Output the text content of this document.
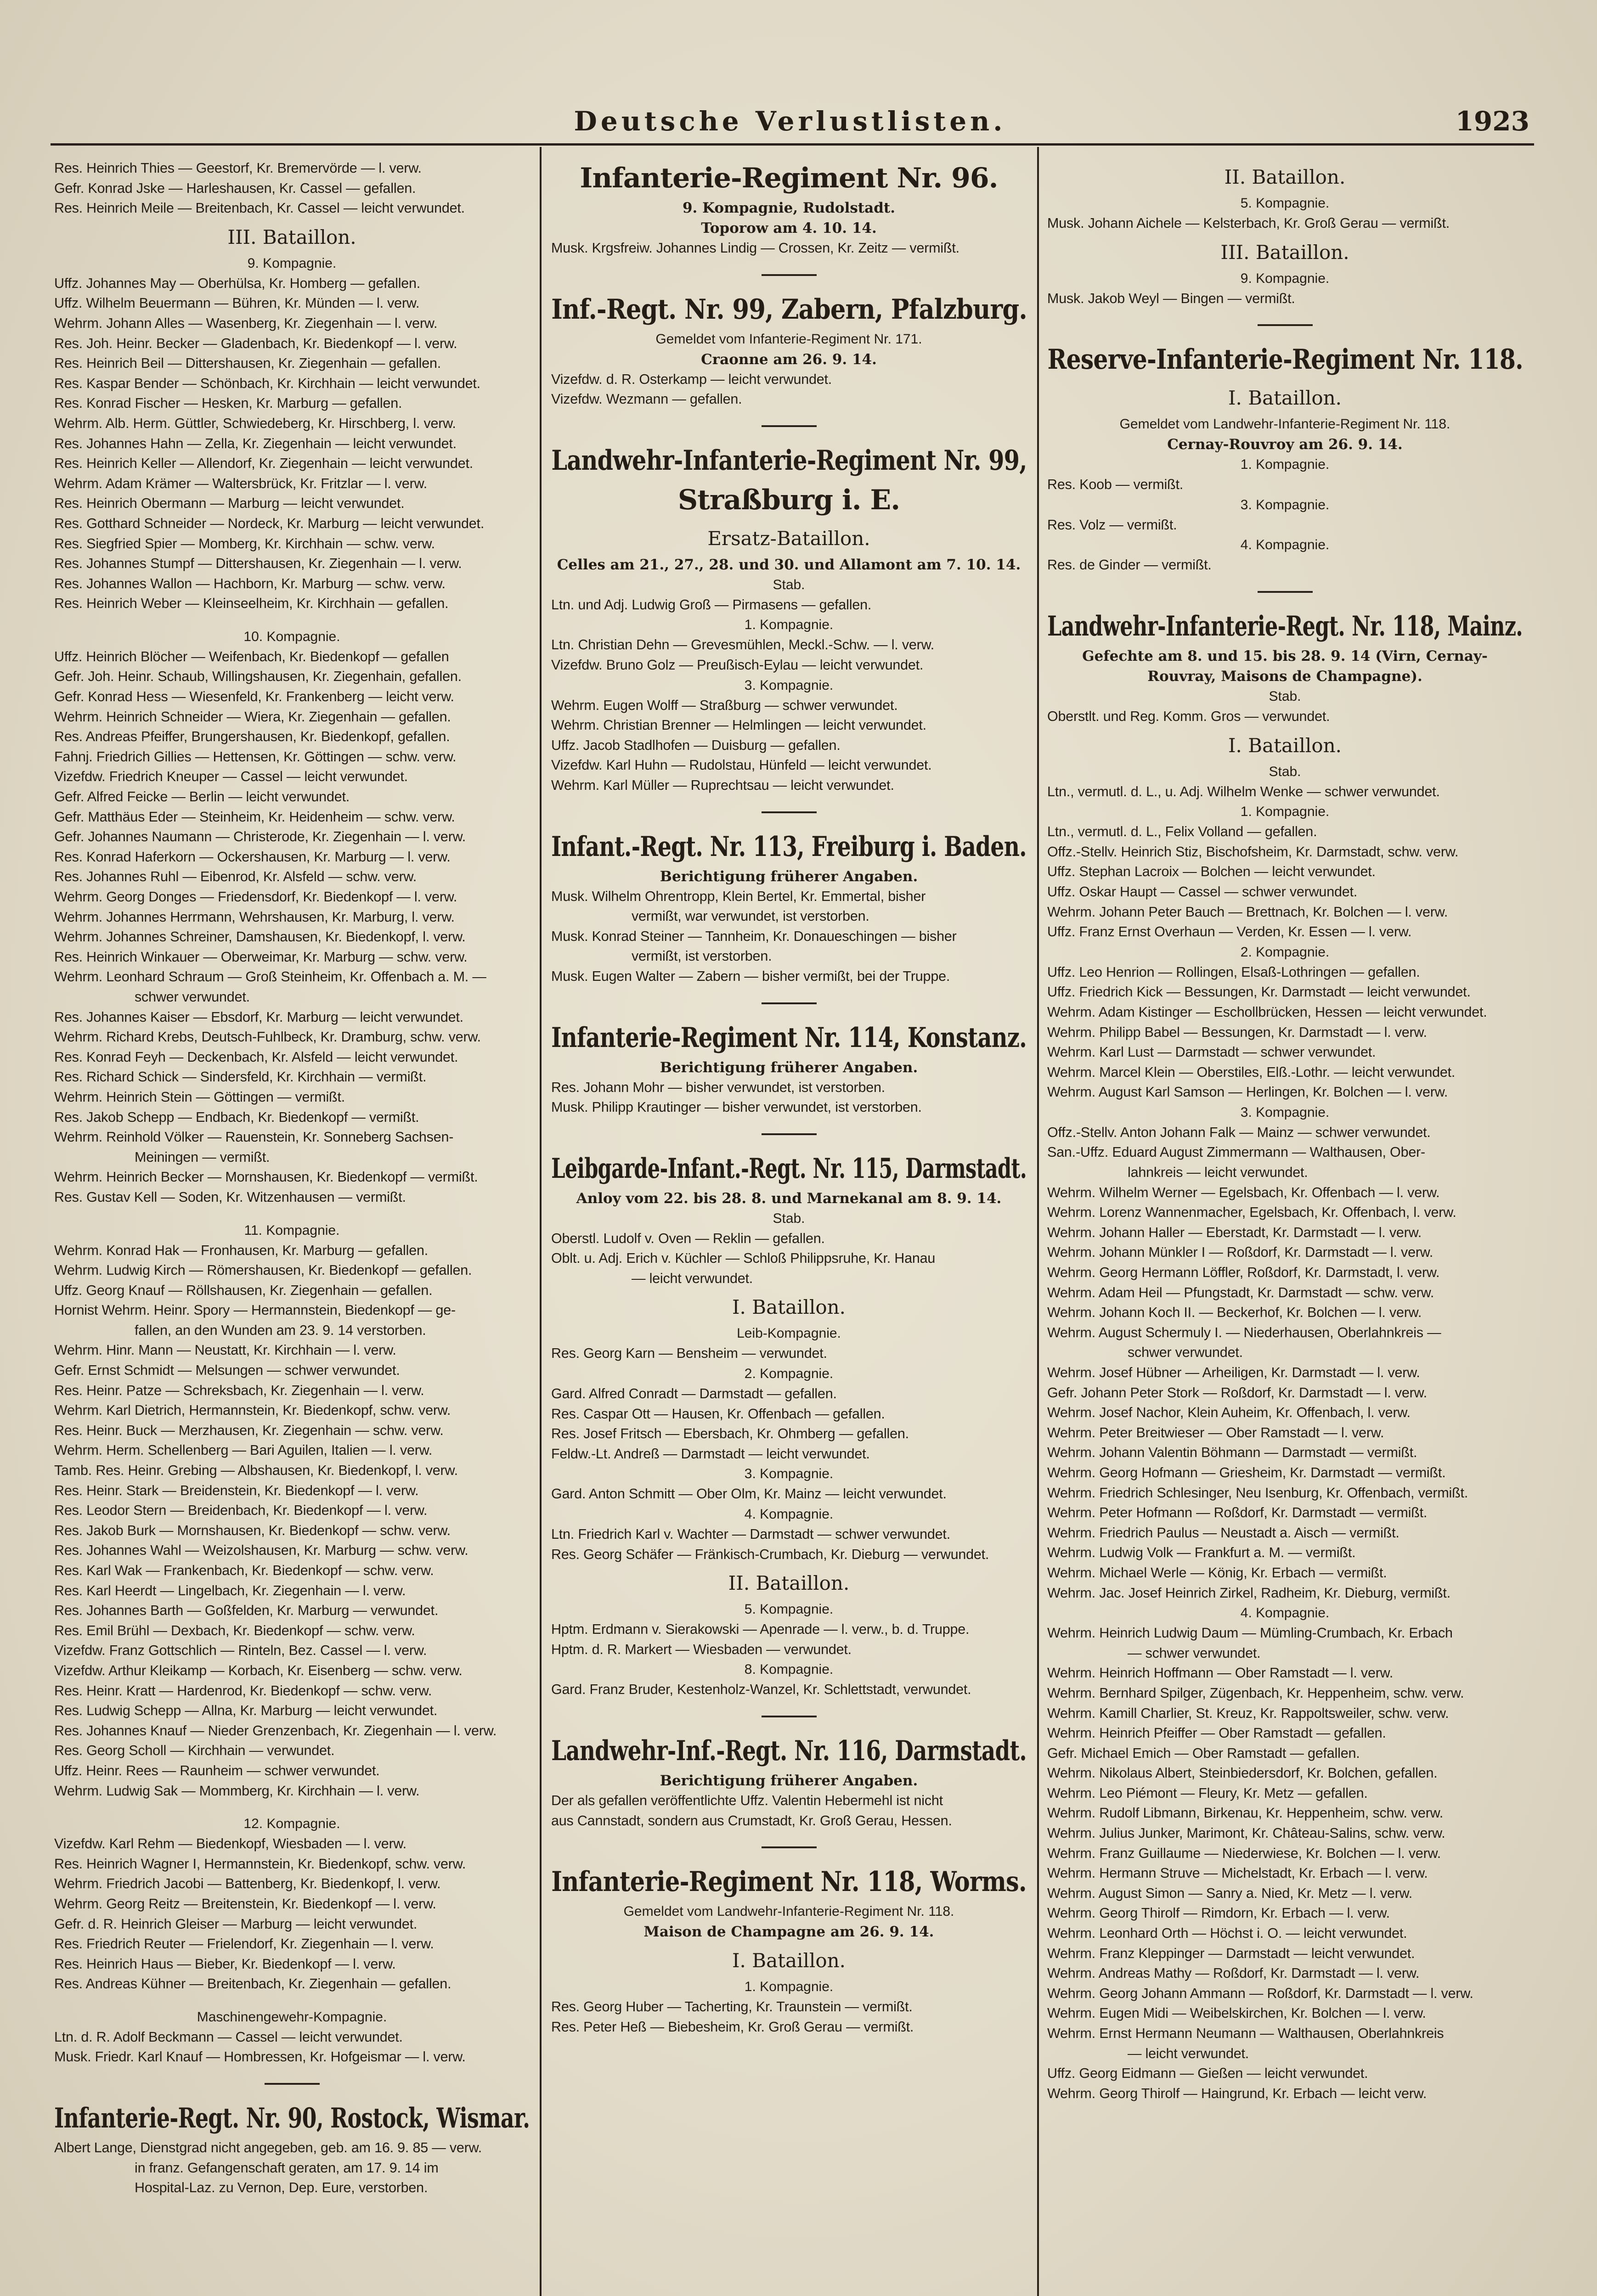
Deutsche Verlustlisten.	1923
Res. Heinrich Thies — Geestorf, Kr. Bremervörde — l. verw.
Gefr. Konrad Jske — Harleshausen, Kr. Cassel — gefallen.
Res. Heinrich Meile — Breitenbach, Kr. Cassel — leicht verwundet.
III. Bataillon.
9. Kompagnie.
Uffz. Johannes May — Oberhülsa, Kr. Homberg — gefallen.
Uffz. Wilhelm Beuermann — Bühren, Kr. Münden — l. verw.
Wehrm. Johann Alles — Wasenberg, Kr. Ziegenhain — l. verw.
Res. Joh. Heinr. Becker — Gladenbach, Kr. Biedenkopf — l. verw.
Res. Heinrich Beil — Dittershausen, Kr. Ziegenhain — gefallen.
Res. Kaspar Bender — Schönbach, Kr. Kirchhain — leicht verwundet.
Res. Konrad Fischer — Hesken, Kr. Marburg — gefallen.
Wehrm. Alb. Herm. Güttler, Schwiedeberg, Kr. Hirschberg, l. verw.
Res. Johannes Hahn — Zella, Kr. Ziegenhain — leicht verwundet.
Res. Heinrich Keller — Allendorf, Kr. Ziegenhain — leicht verwundet.
Wehrm. Adam Krämer — Waltersbrück, Kr. Fritzlar — l. verw.
Res. Heinrich Obermann — Marburg — leicht verwundet.
Res. Gotthard Schneider — Nordeck, Kr. Marburg — leicht verwundet.
Res. Siegfried Spier — Momberg, Kr. Kirchhain — schw. verw.
Res. Johannes Stumpf — Dittershausen, Kr. Ziegenhain — l. verw.
Res. Johannes Wallon — Hachborn, Kr. Marburg — schw. verw.
Res. Heinrich Weber — Kleinseelheim, Kr. Kirchhain — gefallen.
10. Kompagnie.
Uffz. Heinrich Blöcher — Weifenbach, Kr. Biedenkopf — gefallen
Gefr. Joh. Heinr. Schaub, Willingshausen, Kr. Ziegenhain, gefallen.
Gefr. Konrad Hess — Wiesenfeld, Kr. Frankenberg — leicht verw.
Wehrm. Heinrich Schneider — Wiera, Kr. Ziegenhain — gefallen.
Res. Andreas Pfeiffer, Brungershausen, Kr. Biedenkopf, gefallen.
Fahnj. Friedrich Gillies — Hettensen, Kr. Göttingen — schw. verw.
Vizefdw. Friedrich Kneuper — Cassel — leicht verwundet.
Gefr. Alfred Feicke — Berlin — leicht verwundet.
Gefr. Matthäus Eder — Steinheim, Kr. Heidenheim — schw. verw.
Gefr. Johannes Naumann — Christerode, Kr. Ziegenhain — l. verw.
Res. Konrad Haferkorn — Ockershausen, Kr. Marburg — l. verw.
Res. Johannes Ruhl — Eibenrod, Kr. Alsfeld — schw. verw.
Wehrm. Georg Donges — Friedensdorf, Kr. Biedenkopf — l. verw.
Wehrm. Johannes Herrmann, Wehrshausen, Kr. Marburg, l. verw.
Wehrm. Johannes Schreiner, Damshausen, Kr. Biedenkopf, l. verw.
Res. Heinrich Winkauer — Oberweimar, Kr. Marburg — schw. verw.
Wehrm. Leonhard Schraum — Groß Steinheim, Kr. Offenbach a. M. —
schwer verwundet.
Res. Johannes Kaiser — Ebsdorf, Kr. Marburg — leicht verwundet.
Wehrm. Richard Krebs, Deutsch-Fuhlbeck, Kr. Dramburg, schw. verw.
Res. Konrad Feyh — Deckenbach, Kr. Alsfeld — leicht verwundet.
Res. Richard Schick — Sindersfeld, Kr. Kirchhain — vermißt.
Wehrm. Heinrich Stein — Göttingen — vermißt.
Res. Jakob Schepp — Endbach, Kr. Biedenkopf — vermißt.
Wehrm. Reinhold Völker — Rauenstein, Kr. Sonneberg Sachsen-
Meiningen — vermißt.
Wehrm. Heinrich Becker — Mornshausen, Kr. Biedenkopf — vermißt.
Res. Gustav Kell — Soden, Kr. Witzenhausen — vermißt.
11. Kompagnie.
Wehrm. Konrad Hak — Fronhausen, Kr. Marburg — gefallen.
Wehrm. Ludwig Kirch — Römershausen, Kr. Biedenkopf — gefallen.
Uffz. Georg Knauf — Röllshausen, Kr. Ziegenhain — gefallen.
Hornist Wehrm. Heinr. Spory — Hermannstein, Biedenkopf — ge-
fallen, an den Wunden am 23. 9. 14 verstorben.
Wehrm. Hinr. Mann — Neustatt, Kr. Kirchhain — l. verw.
Gefr. Ernst Schmidt — Melsungen — schwer verwundet.
Res. Heinr. Patze — Schreksbach, Kr. Ziegenhain — l. verw.
Wehrm. Karl Dietrich, Hermannstein, Kr. Biedenkopf, schw. verw.
Res. Heinr. Buck — Merzhausen, Kr. Ziegenhain — schw. verw.
Wehrm. Herm. Schellenberg — Bari Aguilen, Italien — l. verw.
Tamb. Res. Heinr. Grebing — Albshausen, Kr. Biedenkopf, l. verw.
Res. Heinr. Stark — Breidenstein, Kr. Biedenkopf — l. verw.
Res. Leodor Stern — Breidenbach, Kr. Biedenkopf — l. verw.
Res. Jakob Burk — Mornshausen, Kr. Biedenkopf — schw. verw.
Res. Johannes Wahl — Weizolshausen, Kr. Marburg — schw. verw.
Res. Karl Wak — Frankenbach, Kr. Biedenkopf — schw. verw.
Res. Karl Heerdt — Lingelbach, Kr. Ziegenhain — l. verw.
Res. Johannes Barth — Goßfelden, Kr. Marburg — verwundet.
Res. Emil Brühl — Dexbach, Kr. Biedenkopf — schw. verw.
Vizefdw. Franz Gottschlich — Rinteln, Bez. Cassel — l. verw.
Vizefdw. Arthur Kleikamp — Korbach, Kr. Eisenberg — schw. verw.
Res. Heinr. Kratt — Hardenrod, Kr. Biedenkopf — schw. verw.
Res. Ludwig Schepp — Allna, Kr. Marburg — leicht verwundet.
Res. Johannes Knauf — Nieder Grenzenbach, Kr. Ziegenhain — l. verw.
Res. Georg Scholl — Kirchhain — verwundet.
Uffz. Heinr. Rees — Raunheim — schwer verwundet.
Wehrm. Ludwig Sak — Mommberg, Kr. Kirchhain — l. verw.
12. Kompagnie.
Vizefdw. Karl Rehm — Biedenkopf, Wiesbaden — l. verw.
Res. Heinrich Wagner I, Hermannstein, Kr. Biedenkopf, schw. verw.
Wehrm. Friedrich Jacobi — Battenberg, Kr. Biedenkopf, l. verw.
Wehrm. Georg Reitz — Breitenstein, Kr. Biedenkopf — l. verw.
Gefr. d. R. Heinrich Gleiser — Marburg — leicht verwundet.
Res. Friedrich Reuter — Frielendorf, Kr. Ziegenhain — l. verw.
Res. Heinrich Haus — Bieber, Kr. Biedenkopf — l. verw.
Res. Andreas Kühner — Breitenbach, Kr. Ziegenhain — gefallen.
Maschinengewehr-Kompagnie.
Ltn. d. R. Adolf Beckmann — Cassel — leicht verwundet.
Musk. Friedr. Karl Knauf — Hombressen, Kr. Hofgeismar — l. verw.
Infanterie-Regt. Nr. 90, Rostock, Wismar.
Albert Lange, Dienstgrad nicht angegeben, geb. am 16. 9. 85 — verw.
in franz. Gefangenschaft geraten, am 17. 9. 14 im
Hospital-Laz. zu Vernon, Dep. Eure, verstorben.
Infanterie-Regiment Nr. 96.
9. Kompagnie, Rudolstadt.
Toporow am 4. 10. 14.
Musk. Krgsfreiw. Johannes Lindig — Crossen, Kr. Zeitz — vermißt.
Inf.-Regt. Nr. 99, Zabern, Pfalzburg.
Gemeldet vom Infanterie-Regiment Nr. 171.
Craonne am 26. 9. 14.
Vizefdw. d. R. Osterkamp — leicht verwundet.
Vizefdw. Wezmann — gefallen.
Landwehr-Infanterie-Regiment Nr. 99,
Straßburg i. E.
Ersatz-Bataillon.
Celles am 21., 27., 28. und 30. und Allamont am 7. 10. 14.
Stab.
Ltn. und Adj. Ludwig Groß — Pirmasens — gefallen.
1. Kompagnie.
Ltn. Christian Dehn — Grevesmühlen, Meckl.-Schw. — l. verw.
Vizefdw. Bruno Golz — Preußisch-Eylau — leicht verwundet.
3. Kompagnie.
Wehrm. Eugen Wolff — Straßburg — schwer verwundet.
Wehrm. Christian Brenner — Helmlingen — leicht verwundet.
Uffz. Jacob Stadlhofen — Duisburg — gefallen.
Vizefdw. Karl Huhn — Rudolstau, Hünfeld — leicht verwundet.
Wehrm. Karl Müller — Ruprechtsau — leicht verwundet.
Infant.-Regt. Nr. 113, Freiburg i. Baden.
Berichtigung früherer Angaben.
Musk. Wilhelm Ohrentropp, Klein Bertel, Kr. Emmertal, bisher
vermißt, war verwundet, ist verstorben.
Musk. Konrad Steiner — Tannheim, Kr. Donaueschingen — bisher
vermißt, ist verstorben.
Musk. Eugen Walter — Zabern — bisher vermißt, bei der Truppe.
Infanterie-Regiment Nr. 114, Konstanz.
Berichtigung früherer Angaben.
Res. Johann Mohr — bisher verwundet, ist verstorben.
Musk. Philipp Krautinger — bisher verwundet, ist verstorben.
Leibgarde-Infant.-Regt. Nr. 115, Darmstadt.
Anloy vom 22. bis 28. 8. und Marnekanal am 8. 9. 14.
Stab.
Oberstl. Ludolf v. Oven — Reklin — gefallen.
Oblt. u. Adj. Erich v. Küchler — Schloß Philippsruhe, Kr. Hanau
— leicht verwundet.
I. Bataillon.
Leib-Kompagnie.
Res. Georg Karn — Bensheim — verwundet.
2. Kompagnie.
Gard. Alfred Conradt — Darmstadt — gefallen.
Res. Caspar Ott — Hausen, Kr. Offenbach — gefallen.
Res. Josef Fritsch — Ebersbach, Kr. Ohmberg — gefallen.
Feldw.-Lt. Andreß — Darmstadt — leicht verwundet.
3. Kompagnie.
Gard. Anton Schmitt — Ober Olm, Kr. Mainz — leicht verwundet.
4. Kompagnie.
Ltn. Friedrich Karl v. Wachter — Darmstadt — schwer verwundet.
Res. Georg Schäfer — Fränkisch-Crumbach, Kr. Dieburg — verwundet.
II. Bataillon.
5. Kompagnie.
Hptm. Erdmann v. Sierakowski — Apenrade — l. verw., b. d. Truppe.
Hptm. d. R. Markert — Wiesbaden — verwundet.
8. Kompagnie.
Gard. Franz Bruder, Kestenholz-Wanzel, Kr. Schlettstadt, verwundet.
Landwehr-Inf.-Regt. Nr. 116, Darmstadt.
Berichtigung früherer Angaben.
Der als gefallen veröffentlichte Uffz. Valentin Hebermehl ist nicht
aus Cannstadt, sondern aus Crumstadt, Kr. Groß Gerau, Hessen.
Infanterie-Regiment Nr. 118, Worms.
Gemeldet vom Landwehr-Infanterie-Regiment Nr. 118.
Maison de Champagne am 26. 9. 14.
I. Bataillon.
1. Kompagnie.
Res. Georg Huber — Tacherting, Kr. Traunstein — vermißt.
Res. Peter Heß — Biebesheim, Kr. Groß Gerau — vermißt.
II. Bataillon.
5. Kompagnie.
Musk. Johann Aichele — Kelsterbach, Kr. Groß Gerau — vermißt.
III. Bataillon.
9. Kompagnie.
Musk. Jakob Weyl — Bingen — vermißt.
Reserve-Infanterie-Regiment Nr. 118.
I. Bataillon.
Gemeldet vom Landwehr-Infanterie-Regiment Nr. 118.
Cernay-Rouvroy am 26. 9. 14.
1. Kompagnie.
Res. Koob — vermißt.
3. Kompagnie.
Res. Volz — vermißt.
4. Kompagnie.
Res. de Ginder — vermißt.
Landwehr-Infanterie-Regt. Nr. 118, Mainz.
Gefechte am 8. und 15. bis 28. 9. 14 (Virn, Cernay-
Rouvray, Maisons de Champagne).
Stab.
Oberstlt. und Reg. Komm. Gros — verwundet.
I. Bataillon.
Stab.
Ltn., vermutl. d. L., u. Adj. Wilhelm Wenke — schwer verwundet.
1. Kompagnie.
Ltn., vermutl. d. L., Felix Volland — gefallen.
Offz.-Stellv. Heinrich Stiz, Bischofsheim, Kr. Darmstadt, schw. verw.
Uffz. Stephan Lacroix — Bolchen — leicht verwundet.
Uffz. Oskar Haupt — Cassel — schwer verwundet.
Wehrm. Johann Peter Bauch — Brettnach, Kr. Bolchen — l. verw.
Uffz. Franz Ernst Overhaun — Verden, Kr. Essen — l. verw.
2. Kompagnie.
Uffz. Leo Henrion — Rollingen, Elsaß-Lothringen — gefallen.
Uffz. Friedrich Kick — Bessungen, Kr. Darmstadt — leicht verwundet.
Wehrm. Adam Kistinger — Eschollbrücken, Hessen — leicht verwundet.
Wehrm. Philipp Babel — Bessungen, Kr. Darmstadt — l. verw.
Wehrm. Karl Lust — Darmstadt — schwer verwundet.
Wehrm. Marcel Klein — Oberstiles, Elß.-Lothr. — leicht verwundet.
Wehrm. August Karl Samson — Herlingen, Kr. Bolchen — l. verw.
3. Kompagnie.
Offz.-Stellv. Anton Johann Falk — Mainz — schwer verwundet.
San.-Uffz. Eduard August Zimmermann — Walthausen, Ober-
lahnkreis — leicht verwundet.
Wehrm. Wilhelm Werner — Egelsbach, Kr. Offenbach — l. verw.
Wehrm. Lorenz Wannenmacher, Egelsbach, Kr. Offenbach, l. verw.
Wehrm. Johann Haller — Eberstadt, Kr. Darmstadt — l. verw.
Wehrm. Johann Münkler I — Roßdorf, Kr. Darmstadt — l. verw.
Wehrm. Georg Hermann Löffler, Roßdorf, Kr. Darmstadt, l. verw.
Wehrm. Adam Heil — Pfungstadt, Kr. Darmstadt — schw. verw.
Wehrm. Johann Koch II. — Beckerhof, Kr. Bolchen — l. verw.
Wehrm. August Schermuly I. — Niederhausen, Oberlahnkreis —
schwer verwundet.
Wehrm. Josef Hübner — Arheiligen, Kr. Darmstadt — l. verw.
Gefr. Johann Peter Stork — Roßdorf, Kr. Darmstadt — l. verw.
Wehrm. Josef Nachor, Klein Auheim, Kr. Offenbach, l. verw.
Wehrm. Peter Breitwieser — Ober Ramstadt — l. verw.
Wehrm. Johann Valentin Böhmann — Darmstadt — vermißt.
Wehrm. Georg Hofmann — Griesheim, Kr. Darmstadt — vermißt.
Wehrm. Friedrich Schlesinger, Neu Isenburg, Kr. Offenbach, vermißt.
Wehrm. Peter Hofmann — Roßdorf, Kr. Darmstadt — vermißt.
Wehrm. Friedrich Paulus — Neustadt a. Aisch — vermißt.
Wehrm. Ludwig Volk — Frankfurt a. M. — vermißt.
Wehrm. Michael Werle — König, Kr. Erbach — vermißt.
Wehrm. Jac. Josef Heinrich Zirkel, Radheim, Kr. Dieburg, vermißt.
4. Kompagnie.
Wehrm. Heinrich Ludwig Daum — Mümling-Crumbach, Kr. Erbach
— schwer verwundet.
Wehrm. Heinrich Hoffmann — Ober Ramstadt — l. verw.
Wehrm. Bernhard Spilger, Zügenbach, Kr. Heppenheim, schw. verw.
Wehrm. Kamill Charlier, St. Kreuz, Kr. Rappoltsweiler, schw. verw.
Wehrm. Heinrich Pfeiffer — Ober Ramstadt — gefallen.
Gefr. Michael Emich — Ober Ramstadt — gefallen.
Wehrm. Nikolaus Albert, Steinbiedersdorf, Kr. Bolchen, gefallen.
Wehrm. Leo Piémont — Fleury, Kr. Metz — gefallen.
Wehrm. Rudolf Libmann, Birkenau, Kr. Heppenheim, schw. verw.
Wehrm. Julius Junker, Marimont, Kr. Château-Salins, schw. verw.
Wehrm. Franz Guillaume — Niederwiese, Kr. Bolchen — l. verw.
Wehrm. Hermann Struve — Michelstadt, Kr. Erbach — l. verw.
Wehrm. August Simon — Sanry a. Nied, Kr. Metz — l. verw.
Wehrm. Georg Thirolf — Rimdorn, Kr. Erbach — l. verw.
Wehrm. Leonhard Orth — Höchst i. O. — leicht verwundet.
Wehrm. Franz Kleppinger — Darmstadt — leicht verwundet.
Wehrm. Andreas Mathy — Roßdorf, Kr. Darmstadt — l. verw.
Wehrm. Georg Johann Ammann — Roßdorf, Kr. Darmstadt — l. verw.
Wehrm. Eugen Midi — Weibelskirchen, Kr. Bolchen — l. verw.
Wehrm. Ernst Hermann Neumann — Walthausen, Oberlahnkreis
— leicht verwundet.
Uffz. Georg Eidmann — Gießen — leicht verwundet.
Wehrm. Georg Thirolf — Haingrund, Kr. Erbach — leicht verw.
